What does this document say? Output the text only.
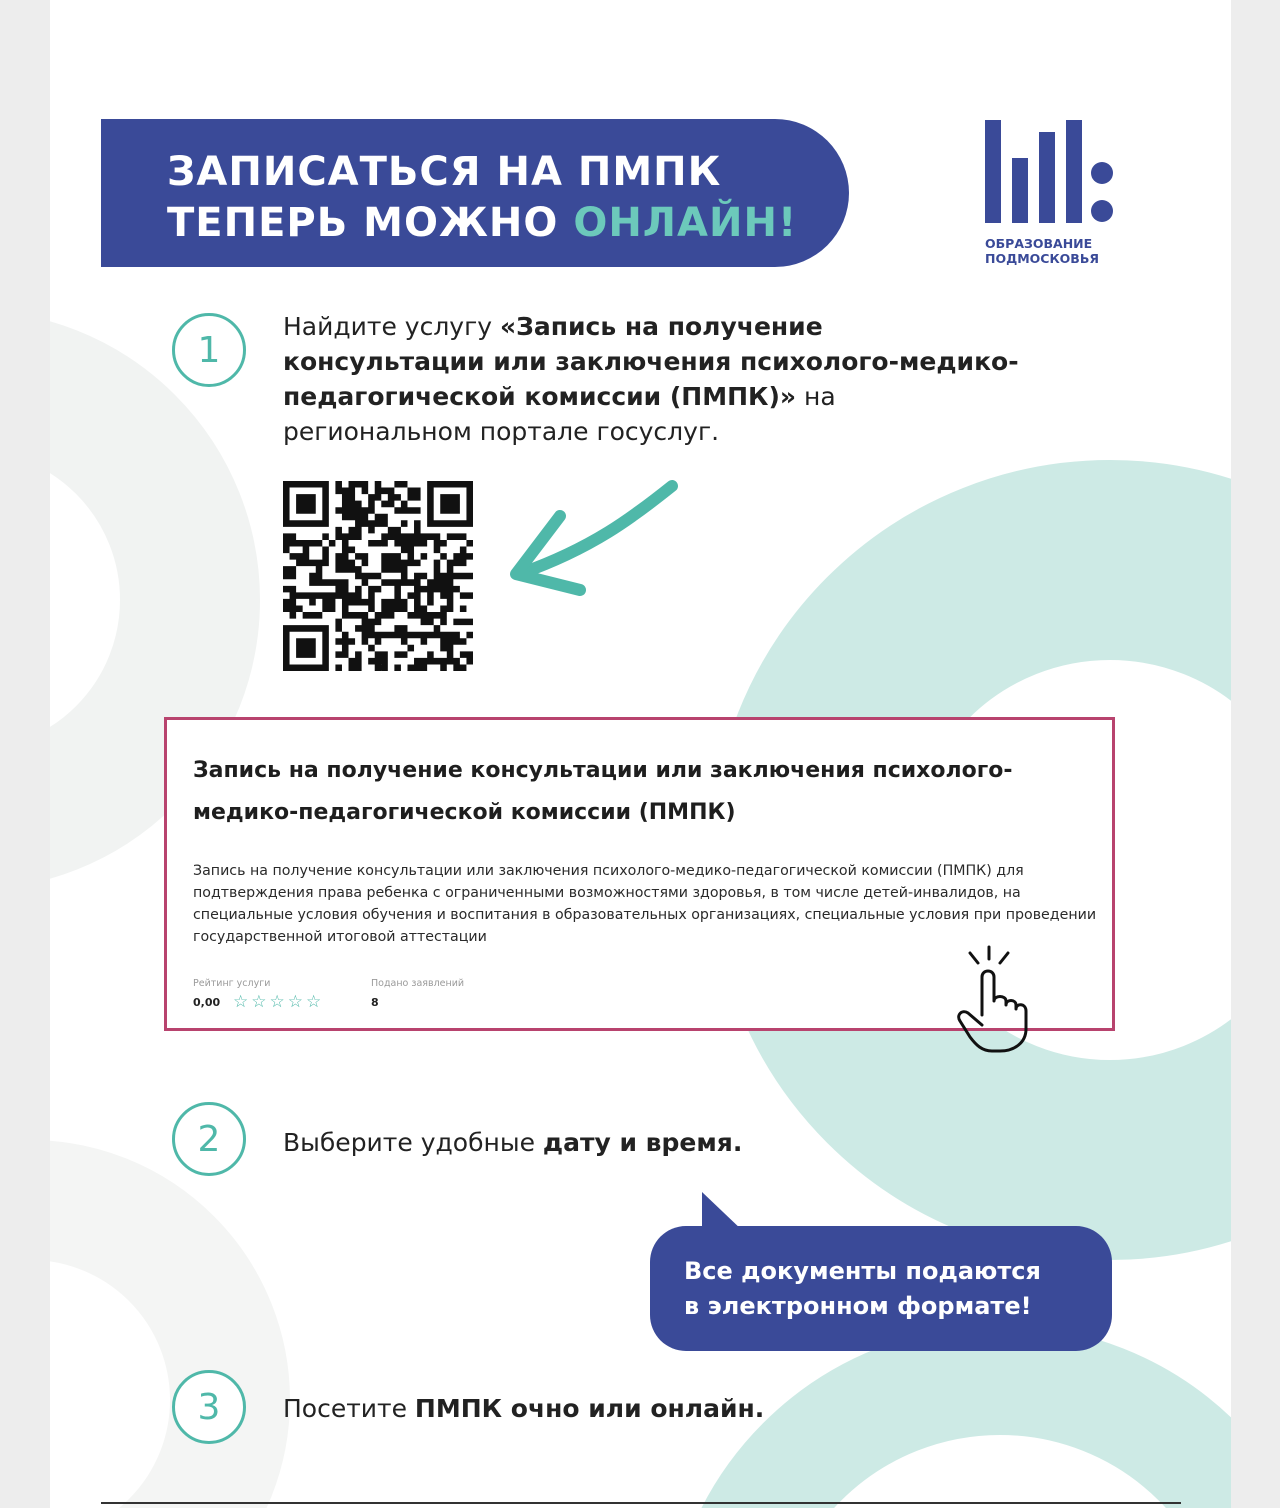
ЗАПИСАТЬСЯ НА ПМПК
ТЕПЕРЬ МОЖНО ОНЛАЙН!	ОБРАЗОВАНИЕ
ПОДМОСКОВЬЯ
1
Найдите услугу «Запись на получение консультации или заключения психолого-медико-педагогической комиссии (ПМПК)» на региональном портале госуслуг.
Запись на получение консультации или заключения психолого-медико-педагогической комиссии (ПМПК)
Запись на получение консультации или заключения психолого-медико-педагогической комиссии (ПМПК) для подтверждения права ребенка с ограниченными возможностями здоровья, в том числе детей-инвалидов, на специальные условия обучения и воспитания в образовательных организациях, специальные условия при проведении государственной итоговой аттестации
Рейтинг услуги
0,00 ☆☆☆☆☆
Подано заявлений
8
2	Выберите удобные дату и время.
Все документы подаются
в электронном формате!
3	Посетите ПМПК очно или онлайн.
